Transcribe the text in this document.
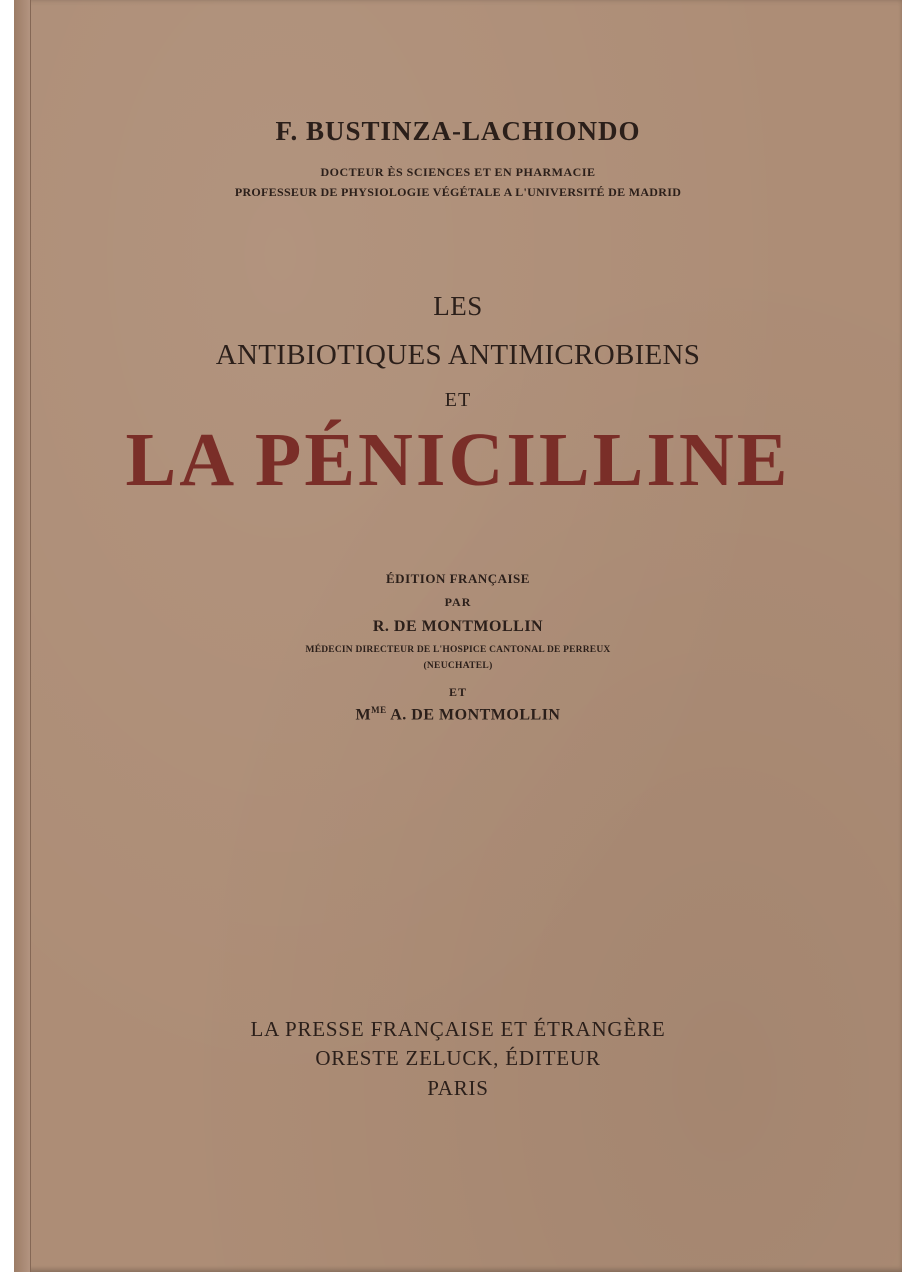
F. BUSTINZA-LACHIONDO
DOCTEUR ÈS SCIENCES ET EN PHARMACIE
PROFESSEUR DE PHYSIOLOGIE VÉGÉTALE A L'UNIVERSITÉ DE MADRID
LES
ANTIBIOTIQUES ANTIMICROBIENS
ET
LA PÉNICILLINE
ÉDITION FRANÇAISE
PAR
R. DE MONTMOLLIN
MÉDECIN DIRECTEUR DE L'HOSPICE CANTONAL DE PERREUX
(NEUCHATEL)
ET
$M^{ME}$ A. DE MONTMOLLIN
LA PRESSE FRANÇAISE ET ÉTRANGÈRE
ORESTE ZELUCK, ÉDITEUR
PARIS
